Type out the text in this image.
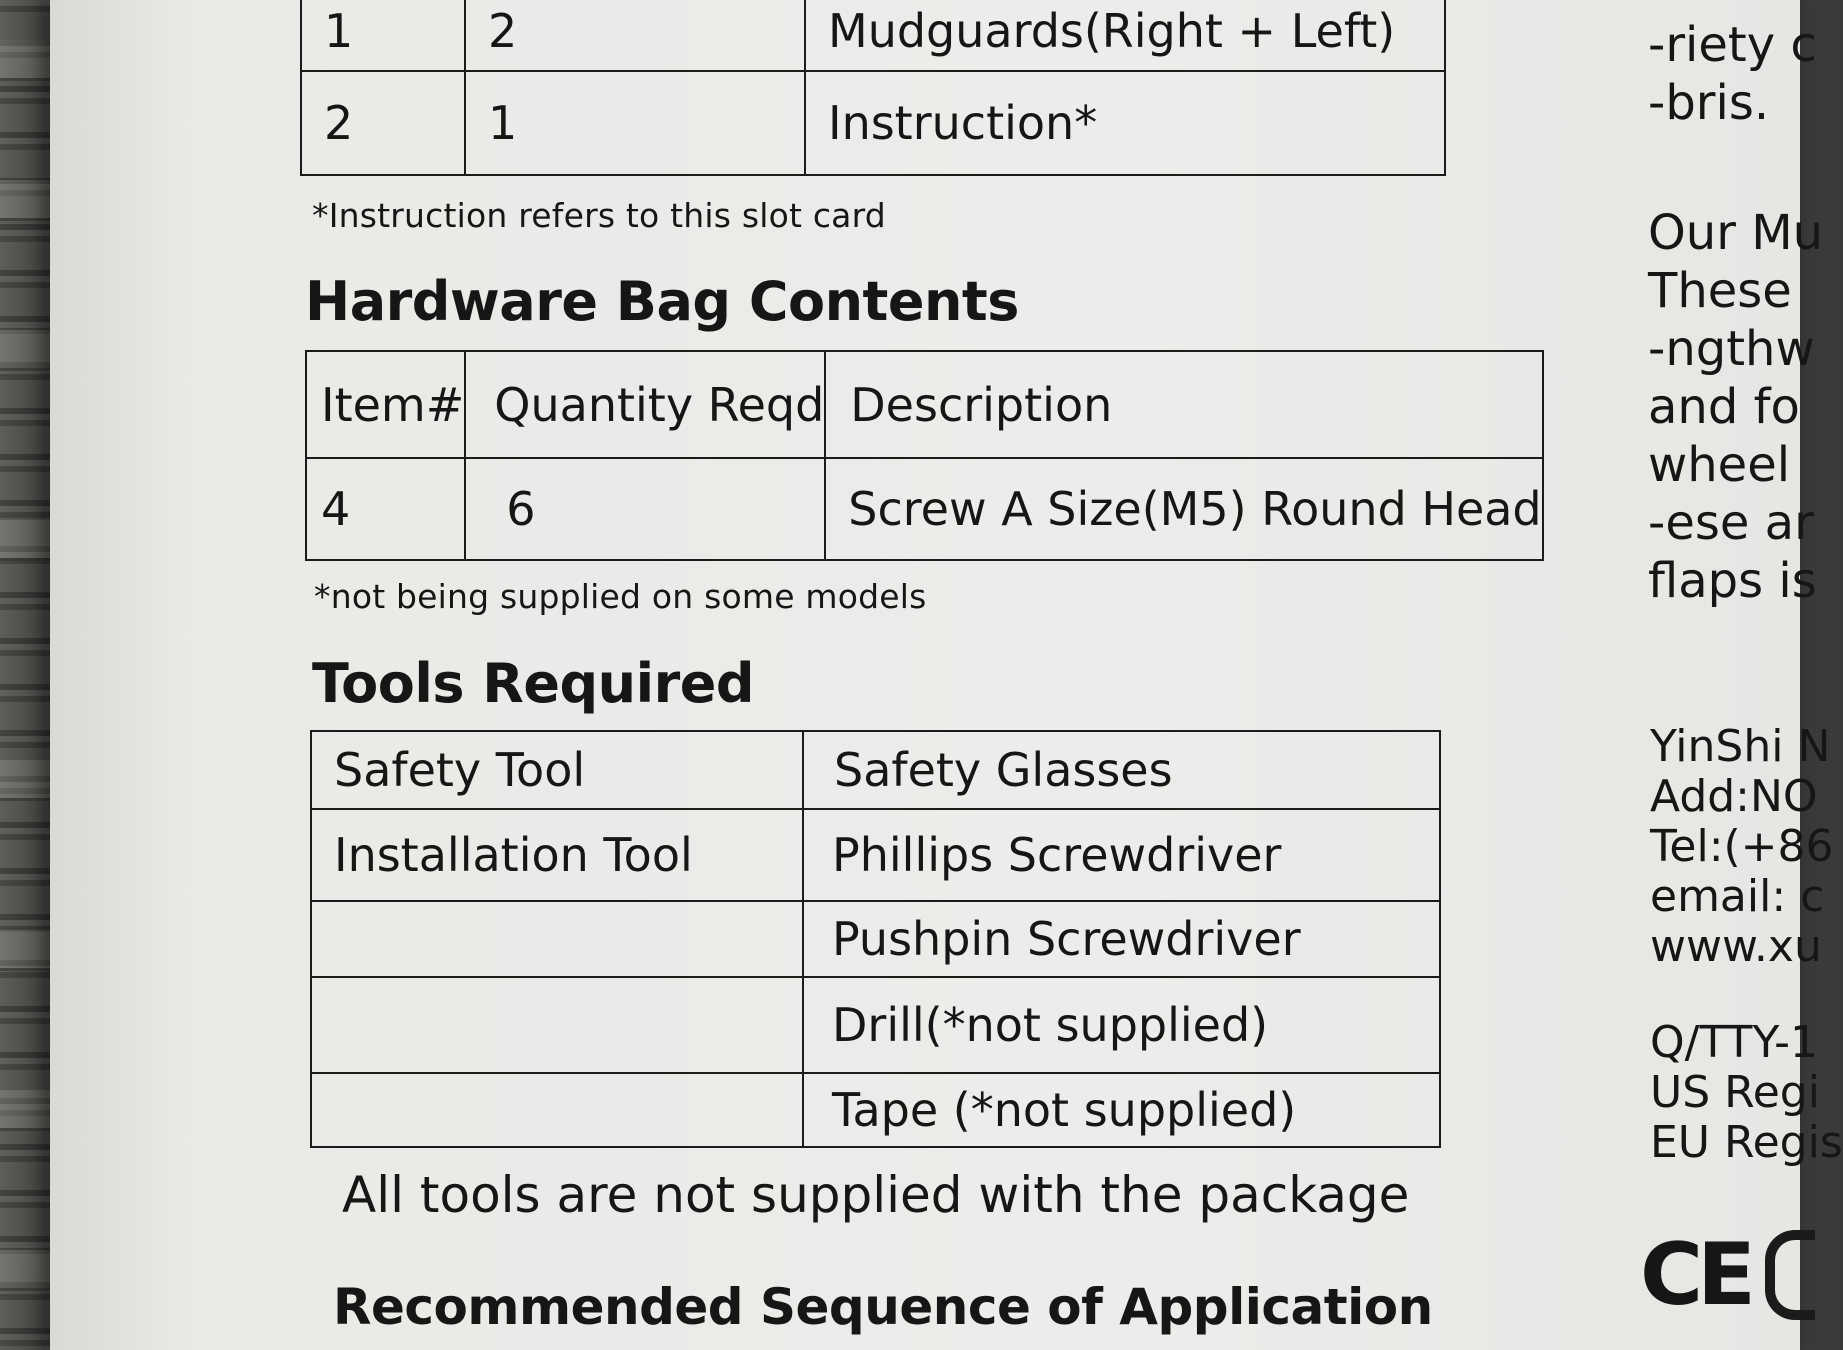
1	2	Mudguards(Right + Left)
2	1	Instruction*
*Instruction refers to this slot card
Hardware Bag Contents
Item#	Quantity Reqd	Description
4	6	Screw A Size(M5) Round Head
*not being supplied on some models
Tools Required
Safety Tool	Safety Glasses
Installation Tool	Phillips Screwdriver
	Pushpin Screwdriver
	Drill(*not supplied)
	Tape (*not supplied)
All tools are not supplied with the package
Recommended Sequence of Application
-riety c
-bris.
Our Mu
These
-ngthw
and fo
wheel
-ese ar
flaps is
YinShi N
Add:NO
Tel:(+86
email: c
www.xu
Q/TTY-1
US Regi
EU Regis
CE
